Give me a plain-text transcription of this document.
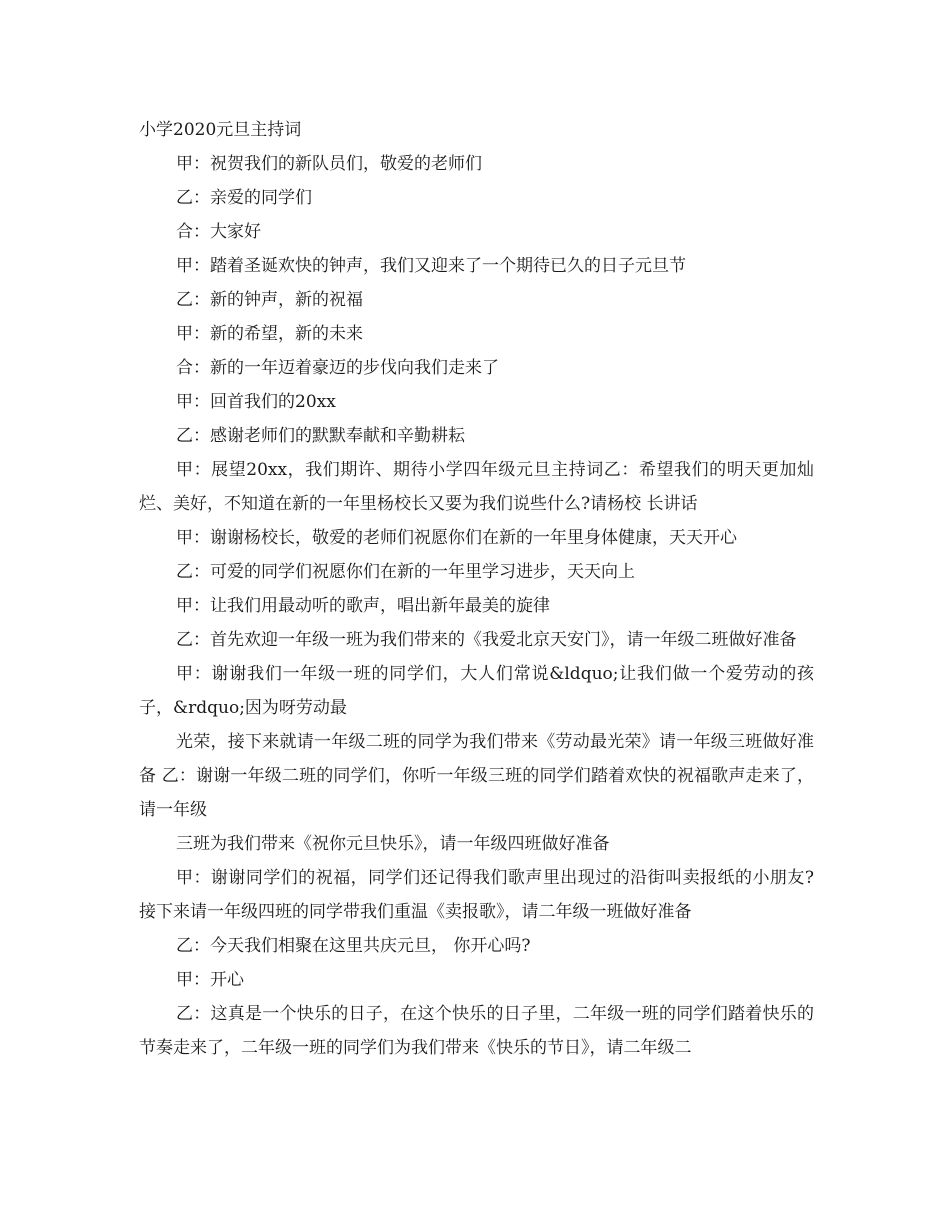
小学2020元旦主持词

甲：祝贺我们的新队员们，敬爱的老师们

乙：亲爱的同学们

合：大家好

甲：踏着圣诞欢快的钟声，我们又迎来了一个期待已久的日子元旦节

乙：新的钟声，新的祝福

甲：新的希望，新的未来

合：新的一年迈着豪迈的步伐向我们走来了

甲：回首我们的20xx

乙：感谢老师们的默默奉献和辛勤耕耘

甲：展望20xx，我们期许、期待小学四年级元旦主持词乙：希望我们的明天更加灿烂、美好，不知道在新的一年里杨校长又要为我们说些什么?请杨校 长讲话

甲：谢谢杨校长，敬爱的老师们祝愿你们在新的一年里身体健康，天天开心

乙：可爱的同学们祝愿你们在新的一年里学习进步，天天向上

甲：让我们用最动听的歌声，唱出新年最美的旋律

乙：首先欢迎一年级一班为我们带来的《我爱北京天安门》，请一年级二班做好准备

甲：谢谢我们一年级一班的同学们，大人们常说&ldquo;让我们做一个爱劳动的孩子，&rdquo;因为呀劳动最

光荣，接下来就请一年级二班的同学为我们带来《劳动最光荣》请一年级三班做好准备 乙：谢谢一年级二班的同学们，你听一年级三班的同学们踏着欢快的祝福歌声走来了，请一年级

三班为我们带来《祝你元旦快乐》，请一年级四班做好准备

甲：谢谢同学们的祝福，同学们还记得我们歌声里出现过的沿街叫卖报纸的小朋友?接下来请一年级四班的同学带我们重温《卖报歌》，请二年级一班做好准备

乙：今天我们相聚在这里共庆元旦， 你开心吗?

甲：开心

乙：这真是一个快乐的日子，在这个快乐的日子里，二年级一班的同学们踏着快乐的节奏走来了，二年级一班的同学们为我们带来《快乐的节日》，请二年级二
